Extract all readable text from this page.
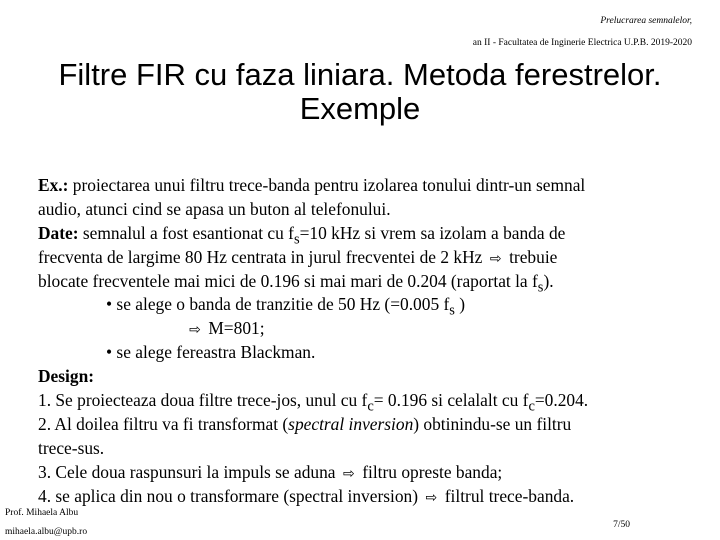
Prelucrarea semnalelor,
an II - Facultatea de Inginerie Electrica U.P.B. 2019-2020
Filtre FIR cu faza liniara. Metoda ferestrelor.
Exemple
Ex.: proiectarea unui filtru trece-banda pentru izolarea tonului dintr-un semnal
audio, atunci cind se apasa un buton al telefonului.
Date: semnalul a fost esantionat cu $f_s=10$ kHz si vrem sa izolam a banda de
frecventa de largime 80 Hz centrata in jurul frecventei de 2 kHz ⇨ trebuie
blocate frecventele mai mici de 0.196 si mai mari de 0.204 (raportat la $f_s$).
• se alege o banda de tranzitie de 50 Hz (=0.005 $f_s$ )
⇨ M=801;
• se alege fereastra Blackman.
Design:
1. Se proiecteaza doua filtre trece-jos, unul cu $f_c= 0.196$ si celalalt cu $f_c=0.204$.
2. Al doilea filtru va fi transformat (spectral inversion) obtinindu-se un filtru
trece-sus.
3. Cele doua raspunsuri la impuls se aduna ⇨ filtru opreste banda;
4. se aplica din nou o transformare (spectral inversion) ⇨ filtrul trece-banda.
Prof. Mihaela Albu
mihaela.albu@upb.ro
7/50
